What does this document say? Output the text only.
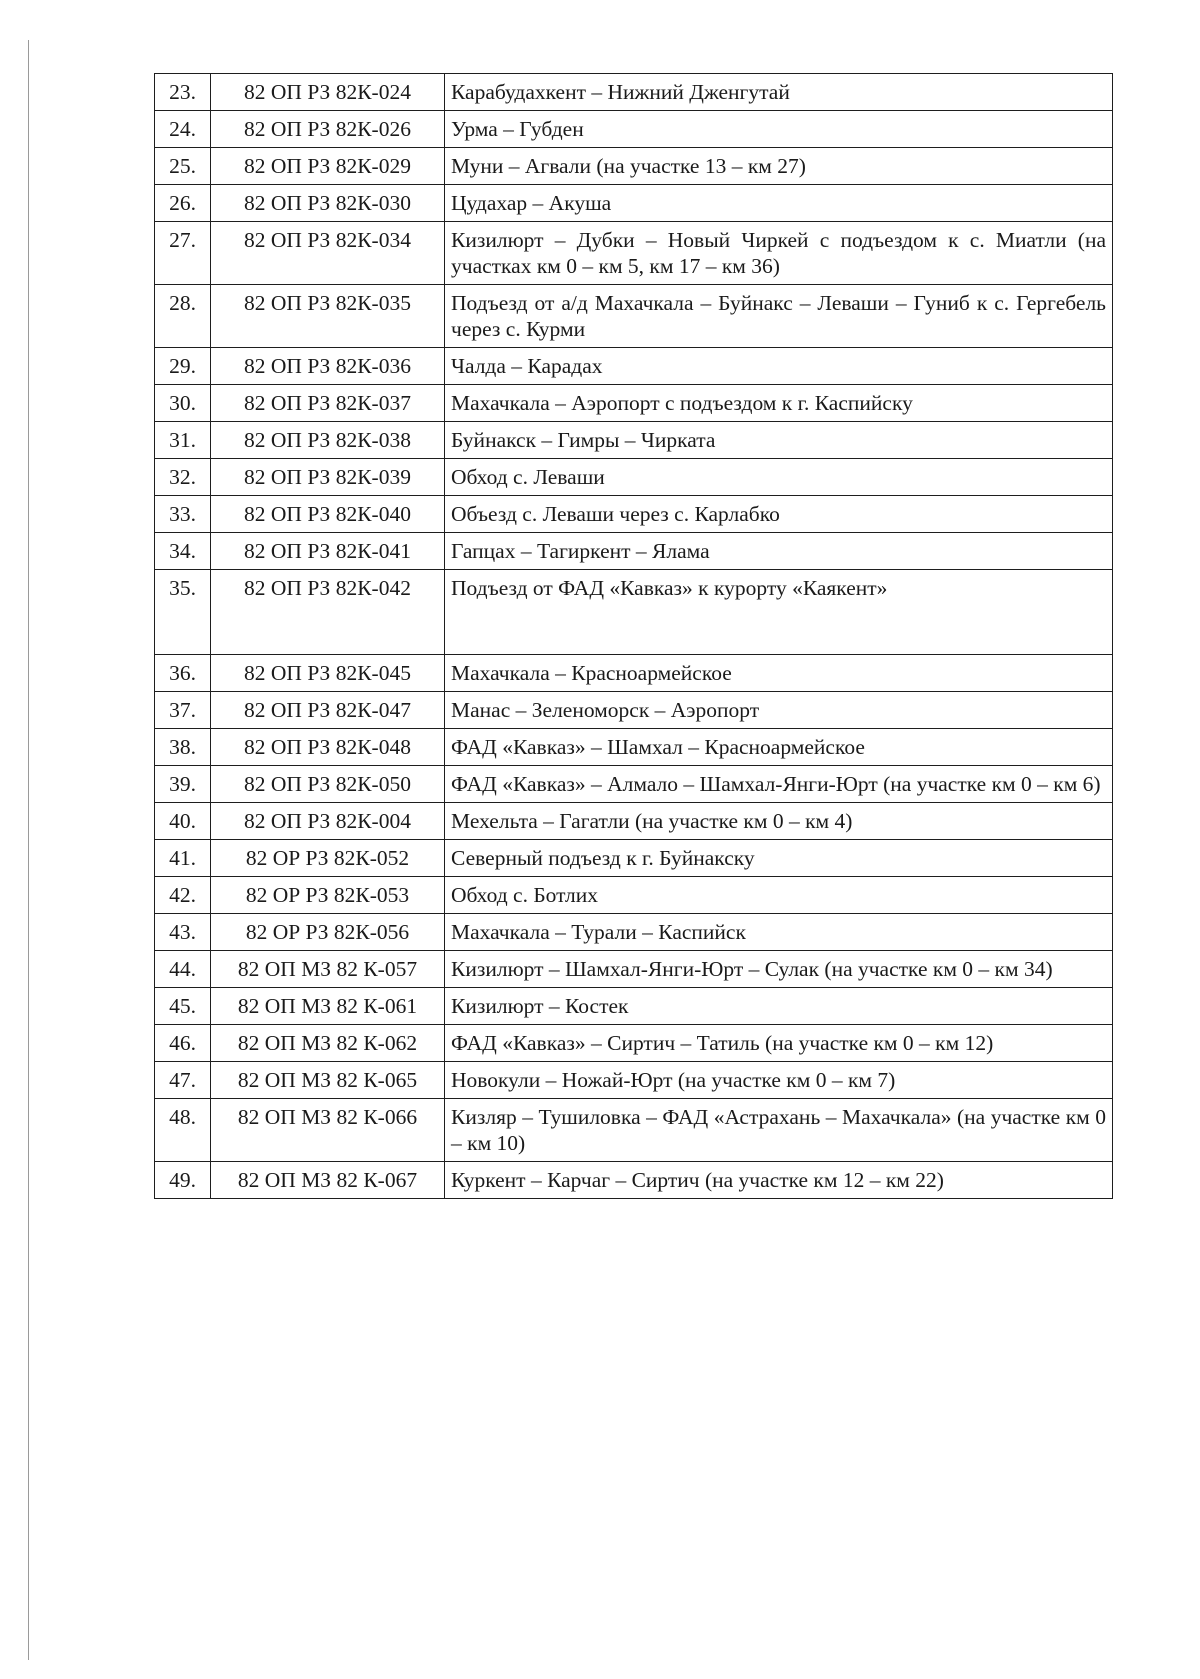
23.	82 ОП РЗ 82К-024	Карабудахкент – Нижний Дженгутай
24.	82 ОП РЗ 82К-026	Урма – Губден
25.	82 ОП РЗ 82К-029	Муни – Агвали (на участке 13 – км 27)
26.	82 ОП РЗ 82К-030	Цудахар – Акуша
27.	82 ОП РЗ 82К-034	Кизилюрт – Дубки – Новый Чиркей с подъездом к с. Миатли (на участках км 0 – км 5, км 17 – км 36)
28.	82 ОП РЗ 82К-035	Подъезд от а/д Махачкала – Буйнакс – Леваши – Гуниб к с. Гергебель через с. Курми
29.	82 ОП РЗ 82К-036	Чалда – Карадах
30.	82 ОП РЗ 82К-037	Махачкала – Аэропорт с подъездом к г. Каспийску
31.	82 ОП РЗ 82К-038	Буйнакск – Гимры – Чирката
32.	82 ОП РЗ 82К-039	Обход с. Леваши
33.	82 ОП РЗ 82К-040	Объезд с. Леваши через с. Карлабко
34.	82 ОП РЗ 82К-041	Гапцах – Тагиркент – Ялама
35.	82 ОП РЗ 82К-042	Подъезд от ФАД «Кавказ» к курорту «Каякент»
36.	82 ОП РЗ 82К-045	Махачкала – Красноармейское
37.	82 ОП РЗ 82К-047	Манас – Зеленоморск – Аэропорт
38.	82 ОП РЗ 82К-048	ФАД «Кавказ» – Шамхал – Красноармейское
39.	82 ОП РЗ 82К-050	ФАД «Кавказ» – Алмало – Шамхал-Янги-Юрт (на участке км 0 – км 6)
40.	82 ОП РЗ 82К-004	Мехельта – Гагатли (на участке км 0 – км 4)
41.	82 ОР РЗ 82К-052	Северный подъезд к г. Буйнакску
42.	82 ОР РЗ 82К-053	Обход с. Ботлих
43.	82 ОР РЗ 82К-056	Махачкала – Турали – Каспийск
44.	82 ОП МЗ 82 К-057	Кизилюрт – Шамхал-Янги-Юрт – Сулак (на участке км 0 – км 34)
45.	82 ОП МЗ 82 К-061	Кизилюрт – Костек
46.	82 ОП МЗ 82 К-062	ФАД «Кавказ» – Сиртич – Татиль (на участке км 0 – км 12)
47.	82 ОП МЗ 82 К-065	Новокули – Ножай-Юрт (на участке км 0 – км 7)
48.	82 ОП МЗ 82 К-066	Кизляр – Тушиловка – ФАД «Астрахань – Махачкала» (на участке км 0 – км 10)
49.	82 ОП МЗ 82 К-067	Куркент – Карчаг – Сиртич (на участке км 12 – км 22)
